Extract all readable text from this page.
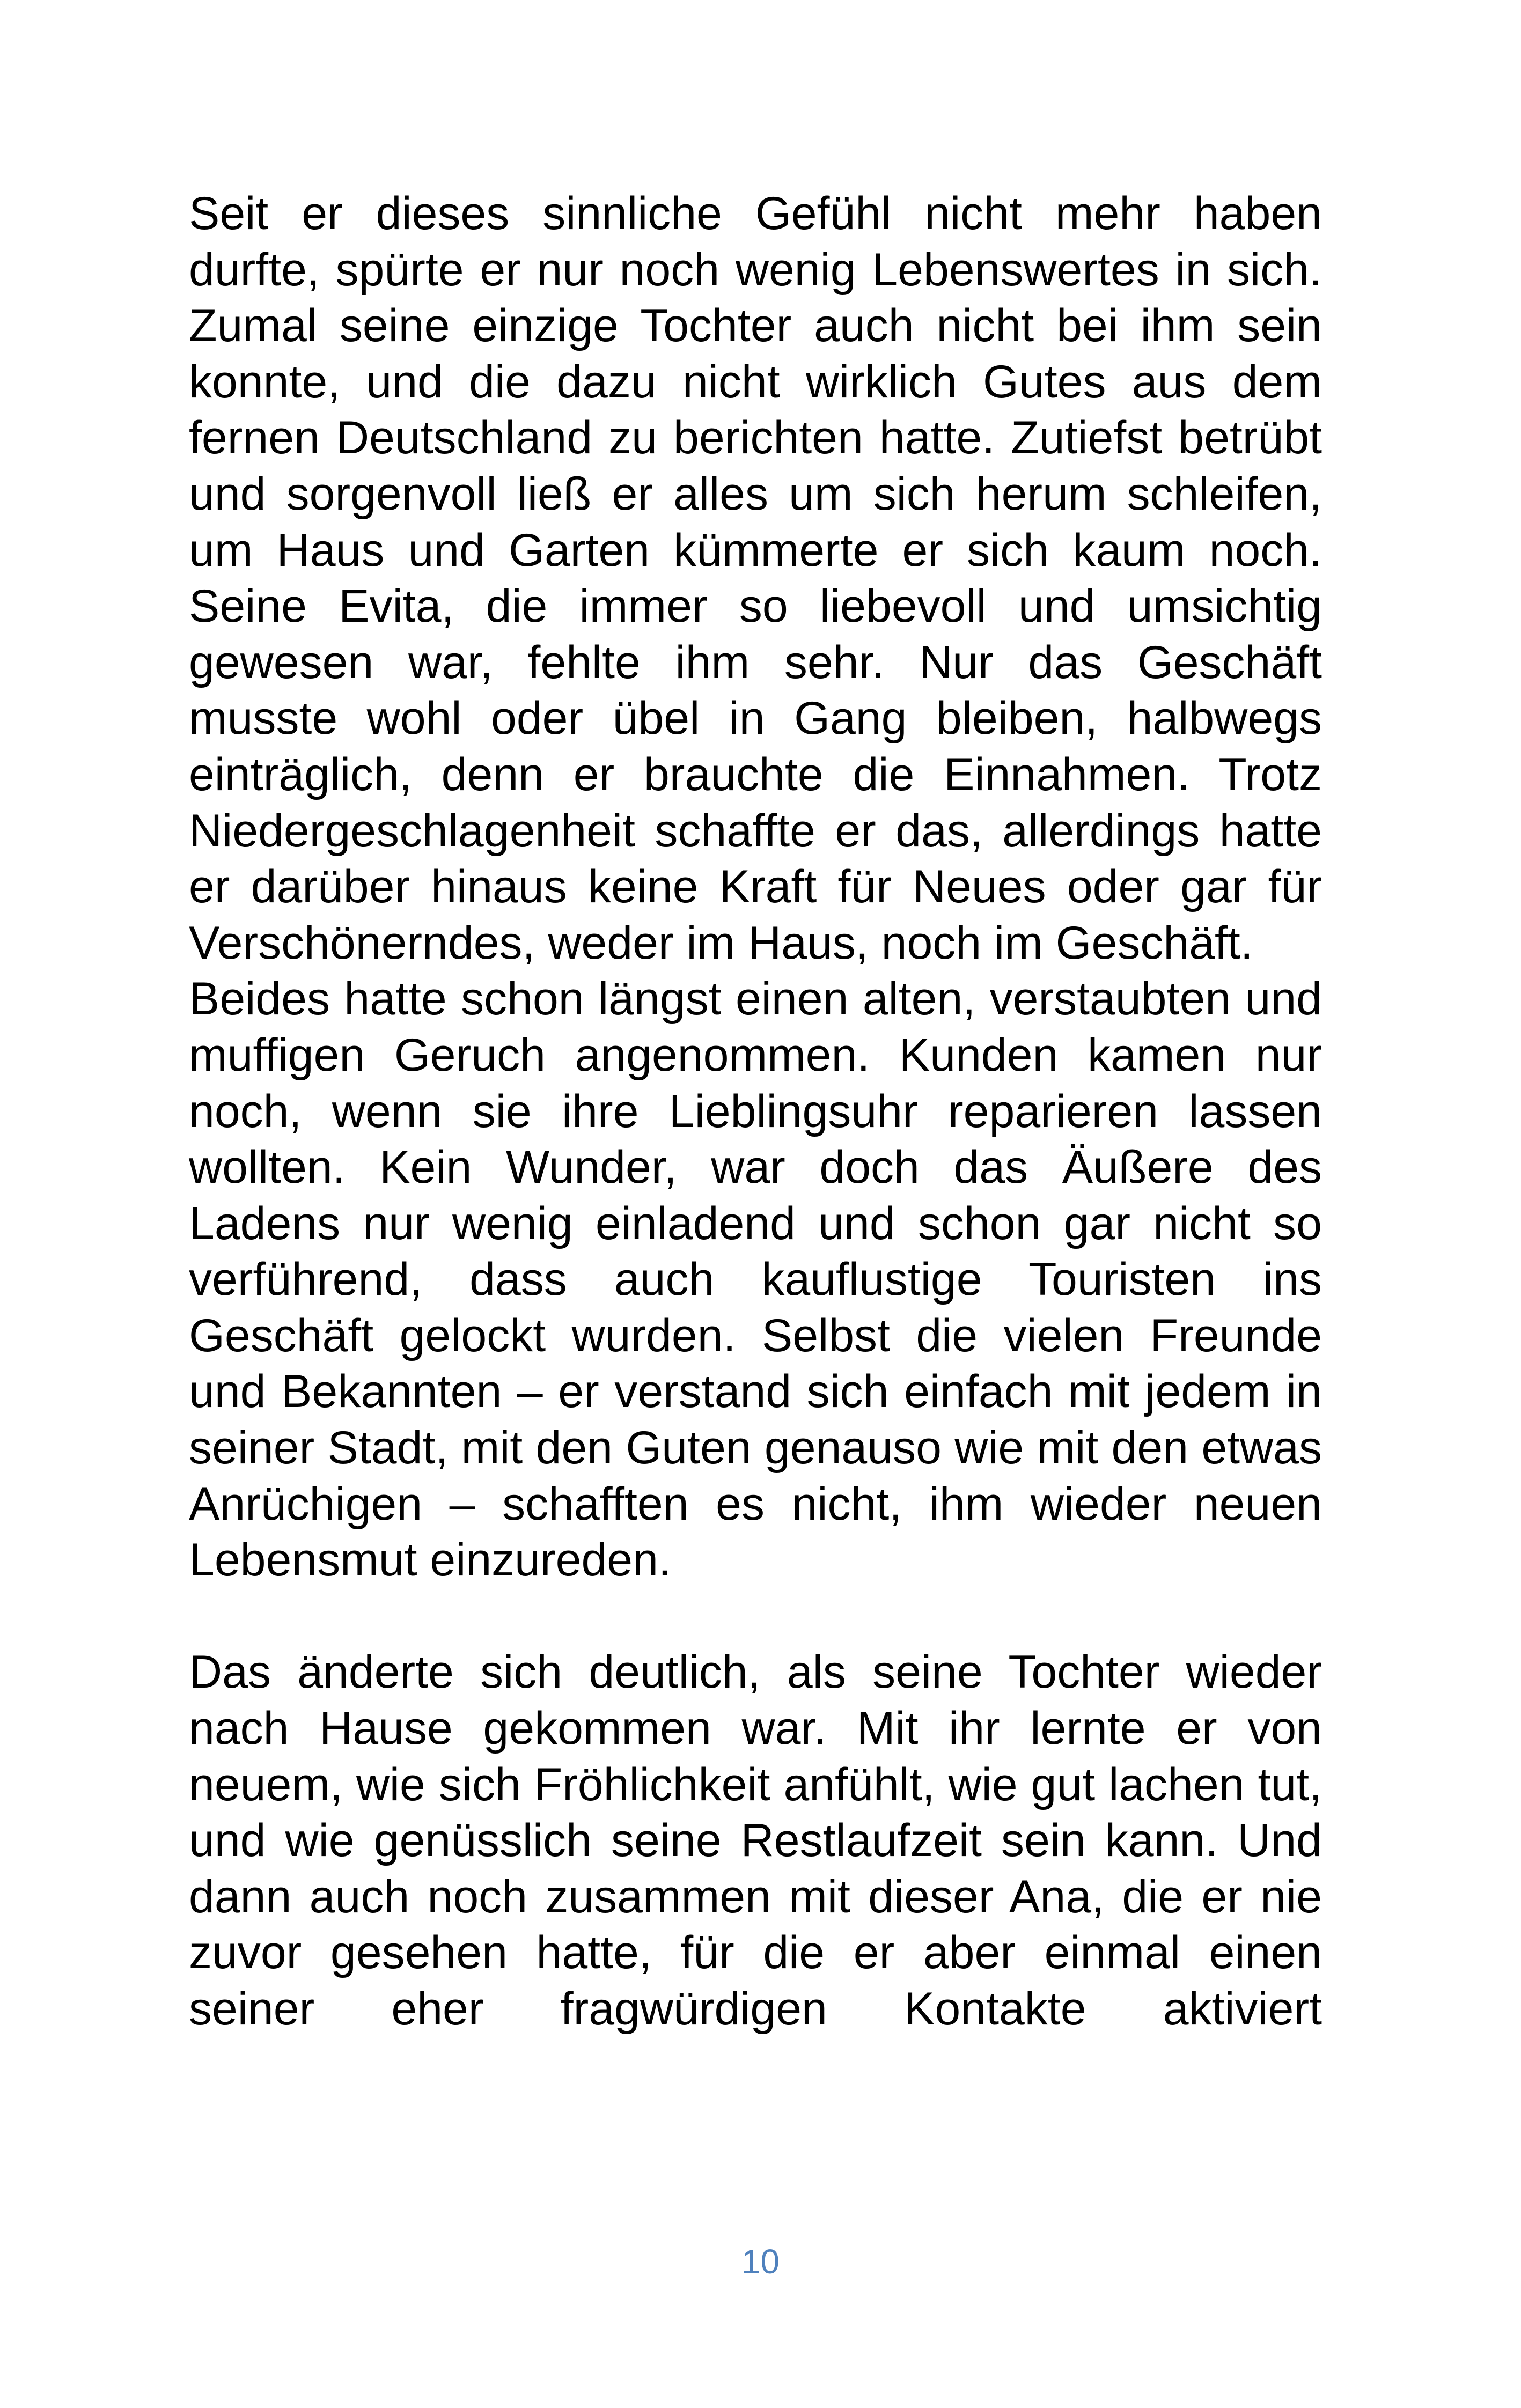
Seit er dieses sinnliche Gefühl nicht mehr haben durfte, spürte er nur noch wenig Lebenswertes in sich. Zumal seine einzige Tochter auch nicht bei ihm sein konnte, und die dazu nicht wirklich Gutes aus dem fernen Deutschland zu berichten hatte. Zutiefst betrübt und sorgenvoll ließ er alles um sich herum schleifen, um Haus und Garten kümmerte er sich kaum noch. Seine Evita, die immer so liebevoll und umsichtig gewesen war, fehlte ihm sehr. Nur das Geschäft musste wohl oder übel in Gang bleiben, halbwegs einträglich, denn er brauchte die Einnahmen. Trotz Niedergeschlagenheit schaffte er das, allerdings hatte er darüber hinaus keine Kraft für Neues oder gar für Verschönerndes, weder im Haus, noch im Geschäft.

Beides hatte schon längst einen alten, verstaubten und muffigen Geruch angenommen. Kunden kamen nur noch, wenn sie ihre Lieblingsuhr reparieren lassen wollten. Kein Wunder, war doch das Äußere des Ladens nur wenig einladend und schon gar nicht so verführend, dass auch kauflustige Touristen ins Geschäft gelockt wurden. Selbst die vielen Freunde und Bekannten – er verstand sich einfach mit jedem in seiner Stadt, mit den Guten genauso wie mit den etwas Anrüchigen – schafften es nicht, ihm wieder neuen Lebensmut einzureden.

Das änderte sich deutlich, als seine Tochter wieder nach Hause gekommen war. Mit ihr lernte er von neuem, wie sich Fröhlichkeit anfühlt, wie gut lachen tut, und wie genüsslich seine Restlaufzeit sein kann. Und dann auch noch zusammen mit dieser Ana, die er nie zuvor gesehen hatte, für die er aber einmal einen seiner eher fragwürdigen Kontakte aktiviert

10
